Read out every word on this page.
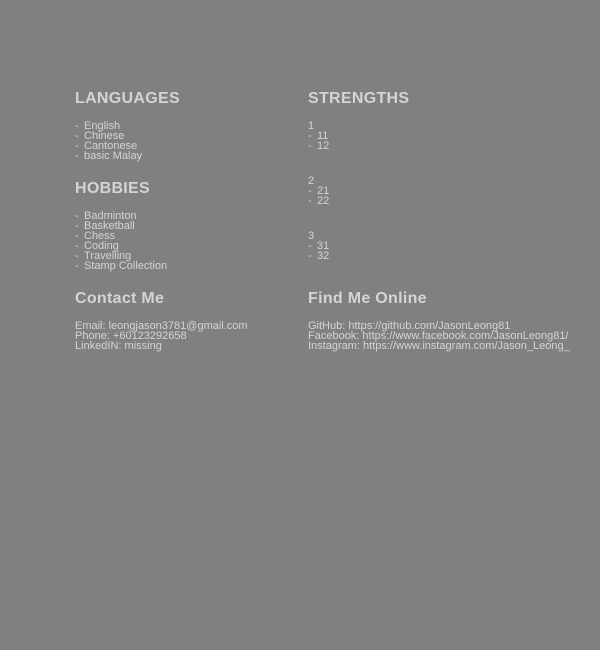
LANGUAGES
- English
- Chinese
- Cantonese
- basic Malay
HOBBIES
- Badminton
- Basketball
- Chess
- Coding
- Travelling
- Stamp Collection
STRENGTHS
1
- 11
- 12
2
- 21
- 22
3
- 31
- 32
Contact Me
Email: leongjason3781@gmail.com
Phone: +60123292658
LinkedIN: missing
Find Me Online
GitHub: https://github.com/JasonLeong81
Facebook: https://www.facebook.com/JasonLeong81/
Instagram: https://www.instagram.com/Jason_Leong_
